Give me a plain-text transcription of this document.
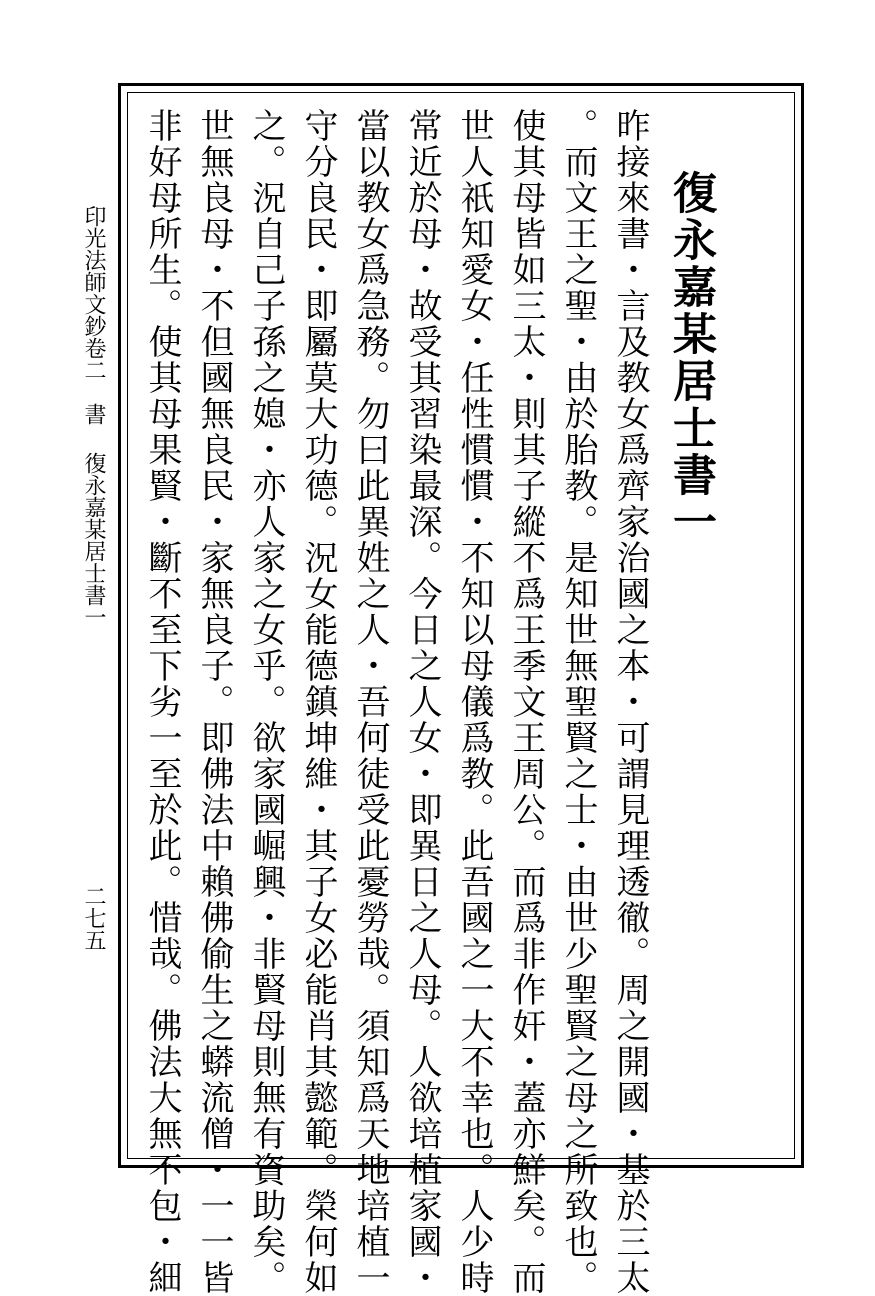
復永嘉某居士書一
昨接來書・言及教女爲齊家治國之本・可謂見理透徹。周之開國・基於三太
。而文王之聖・由於胎教。是知世無聖賢之士・由世少聖賢之母之所致也。
使其母皆如三太・則其子縱不爲王季文王周公。而爲非作奸・蓋亦鮮矣。而
世人祇知愛女・任性慣慣・不知以母儀爲教。此吾國之一大不幸也。人少時
常近於母・故受其習染最深。今日之人女・即異日之人母。人欲培植家國・
當以教女爲急務。勿曰此異姓之人・吾何徒受此憂勞哉。須知爲天地培植一
守分良民・即屬莫大功德。況女能德鎮坤維・其子女必能肖其懿範。榮何如
之。況自己子孫之媳・亦人家之女乎。欲家國崛興・非賢母則無有資助矣。
世無良母・不但國無良民・家無良子。即佛法中賴佛偷生之蟒流僧・一一皆
非好母所生。使其母果賢・斷不至下劣一至於此。惜哉。佛法大無不包・細
印光法師文鈔卷二　書
復永嘉某居士書一
二七五
